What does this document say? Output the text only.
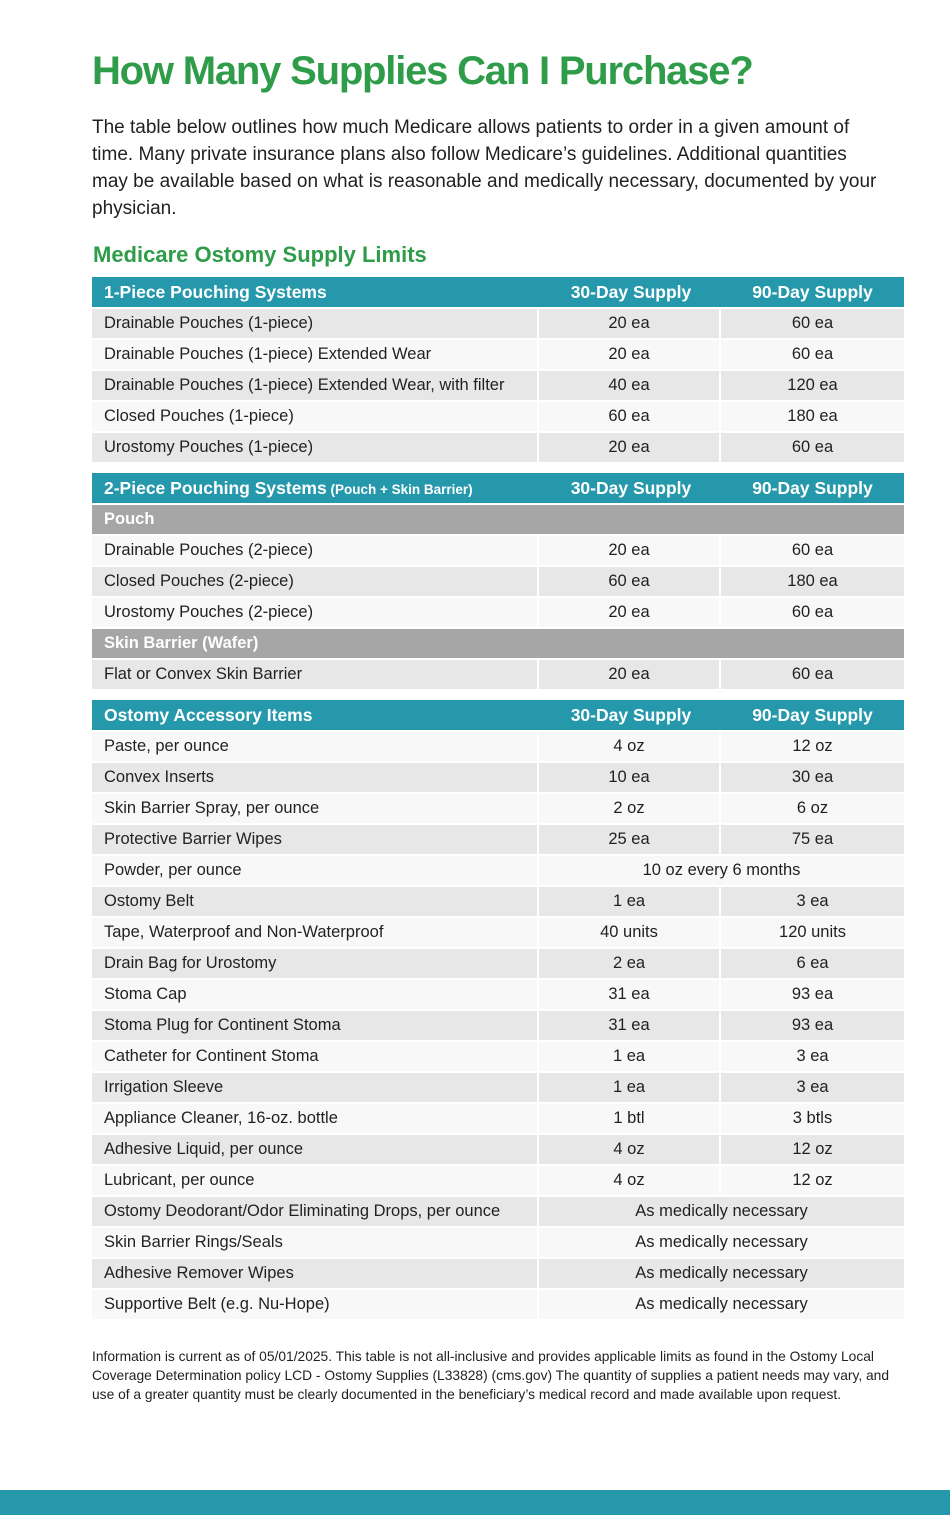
How Many Supplies Can I Purchase?

The table below outlines how much Medicare allows patients to order in a given amount of time. Many private insurance plans also follow Medicare’s guidelines. Additional quantities may be available based on what is reasonable and medically necessary, documented by your physician.

Medicare Ostomy Supply Limits
1-Piece Pouching Systems	30-Day Supply	90-Day Supply
Drainable Pouches (1-piece)	20 ea	60 ea
Drainable Pouches (1-piece) Extended Wear	20 ea	60 ea
Drainable Pouches (1-piece) Extended Wear, with filter	40 ea	120 ea
Closed Pouches (1-piece)	60 ea	180 ea
Urostomy Pouches (1-piece)	20 ea	60 ea
2-Piece Pouching Systems (Pouch + Skin Barrier)	30-Day Supply	90-Day Supply
Pouch
Drainable Pouches (2-piece)	20 ea	60 ea
Closed Pouches (2-piece)	60 ea	180 ea
Urostomy Pouches (2-piece)	20 ea	60 ea
Skin Barrier (Wafer)
Flat or Convex Skin Barrier	20 ea	60 ea
Ostomy Accessory Items	30-Day Supply	90-Day Supply
Paste, per ounce	4 oz	12 oz
Convex Inserts	10 ea	30 ea
Skin Barrier Spray, per ounce	2 oz	6 oz
Protective Barrier Wipes	25 ea	75 ea
Powder, per ounce	10 oz every 6 months
Ostomy Belt	1 ea	3 ea
Tape, Waterproof and Non-Waterproof	40 units	120 units
Drain Bag for Urostomy	2 ea	6 ea
Stoma Cap	31 ea	93 ea
Stoma Plug for Continent Stoma	31 ea	93 ea
Catheter for Continent Stoma	1 ea	3 ea
Irrigation Sleeve	1 ea	3 ea
Appliance Cleaner, 16-oz. bottle	1 btl	3 btls
Adhesive Liquid, per ounce	4 oz	12 oz
Lubricant, per ounce	4 oz	12 oz
Ostomy Deodorant/Odor Eliminating Drops, per ounce	As medically necessary
Skin Barrier Rings/Seals	As medically necessary
Adhesive Remover Wipes	As medically necessary
Supportive Belt (e.g. Nu-Hope)	As medically necessary

Information is current as of 05/01/2025. This table is not all-inclusive and provides applicable limits as found in the Ostomy Local Coverage Determination policy LCD - Ostomy Supplies (L33828) (cms.gov) The quantity of supplies a patient needs may vary, and use of a greater quantity must be clearly documented in the beneficiary’s medical record and made available upon request.
